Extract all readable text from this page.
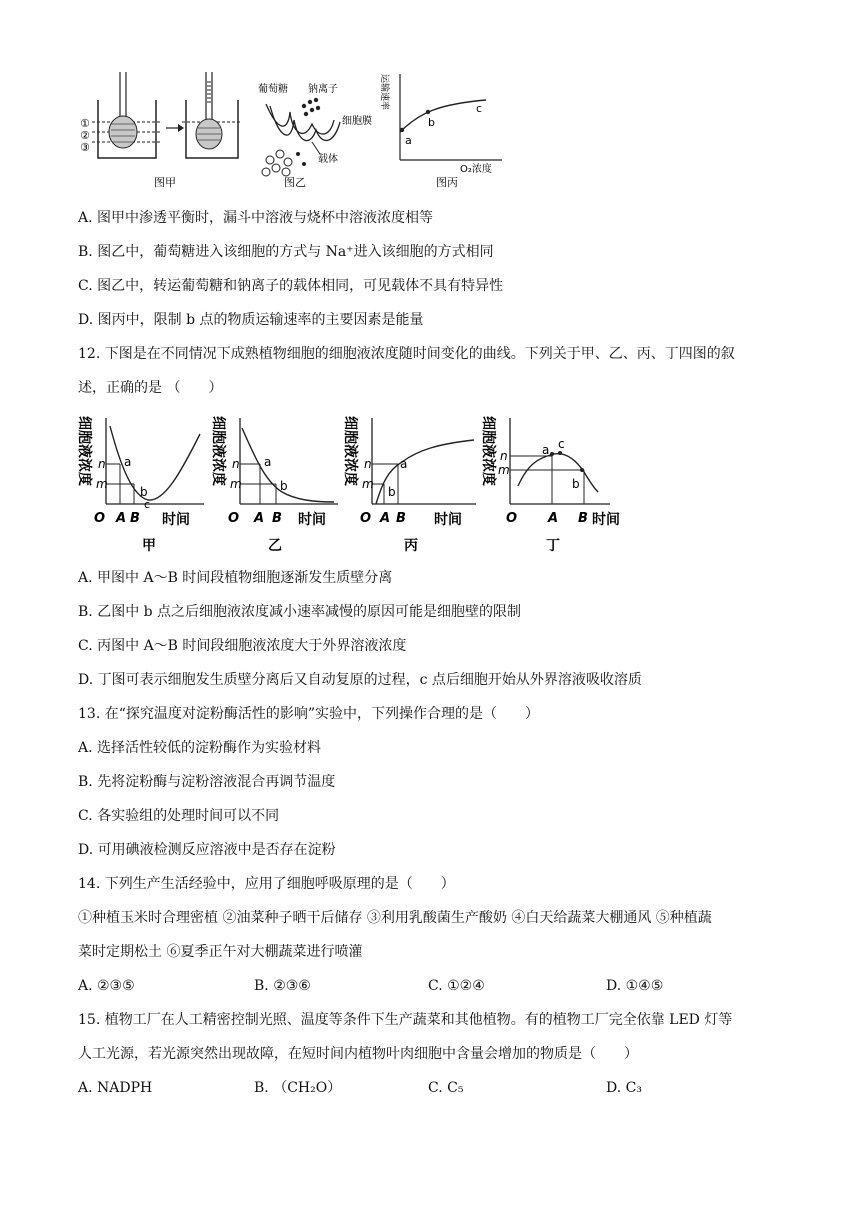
①
②
③
图甲
葡萄糖 钠离子
细胞膜
载体
图乙
a
b
c
运输速率
O₂浓度
图丙
A. 图甲中渗透平衡时，漏斗中溶液与烧杯中溶液浓度相等
B. 图乙中，葡萄糖进入该细胞的方式与 Na⁺进入该细胞的方式相同
C. 图乙中，转运葡萄糖和钠离子的载体相同，可见载体不具有特异性
D. 图丙中，限制 b 点的物质运输速率的主要因素是能量
12. 下图是在不同情况下成熟植物细胞的细胞液浓度随时间变化的曲线。下列关于甲、乙、丙、丁四图的叙
述，正确的是 （　　）
细胞液浓度 n
m
a
b
c
O A B 时间
甲
细胞液浓度 n
m
a
b
O A B 时间
乙
细胞液浓度 n
m
a
b
O A B 时间
丙
细胞液浓度 n
m
a c
b
O A B 时间
丁
A. 甲图中 A～B 时间段植物细胞逐渐发生质壁分离
B. 乙图中 b 点之后细胞液浓度减小速率减慢的原因可能是细胞壁的限制
C. 丙图中 A～B 时间段细胞液浓度大于外界溶液浓度
D. 丁图可表示细胞发生质壁分离后又自动复原的过程，c 点后细胞开始从外界溶液吸收溶质
13. 在“探究温度对淀粉酶活性的影响”实验中，下列操作合理的是（　　）
A. 选择活性较低的淀粉酶作为实验材料
B. 先将淀粉酶与淀粉溶液混合再调节温度
C. 各实验组的处理时间可以不同
D. 可用碘液检测反应溶液中是否存在淀粉
14. 下列生产生活经验中，应用了细胞呼吸原理的是（　　）
①种植玉米时合理密植 ②油菜种子晒干后储存 ③利用乳酸菌生产酸奶 ④白天给蔬菜大棚通风 ⑤种植蔬
菜时定期松土 ⑥夏季正午对大棚蔬菜进行喷灌
A. ②③⑤	B. ②③⑥	C. ①②④	D. ①④⑤
15. 植物工厂在人工精密控制光照、温度等条件下生产蔬菜和其他植物。有的植物工厂完全依靠 LED 灯等
人工光源，若光源突然出现故障，在短时间内植物叶肉细胞中含量会增加的物质是（　　）
A. NADPH	B. （CH₂O）	C. C₅	D. C₃
